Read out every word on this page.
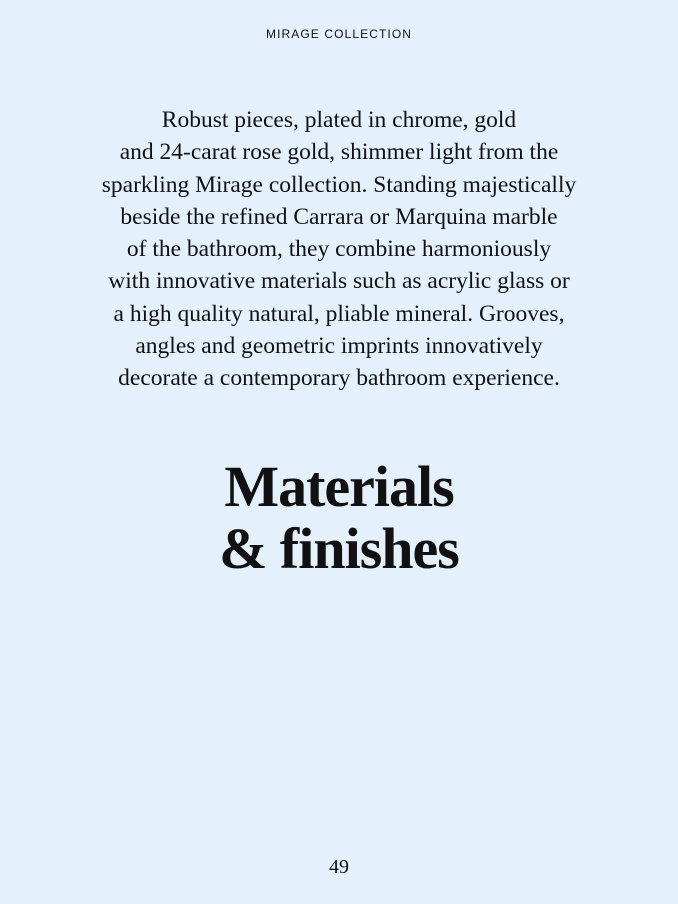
MIRAGE COLLECTION
Robust pieces, plated in chrome, gold
and 24-carat rose gold, shimmer light from the
sparkling Mirage collection. Standing majestically
beside the refined Carrara or Marquina marble
of the bathroom, they combine harmoniously
with innovative materials such as acrylic glass or
a high quality natural, pliable mineral. Grooves,
angles and geometric imprints innovatively
decorate a contemporary bathroom experience.
Materials
& finishes
49
